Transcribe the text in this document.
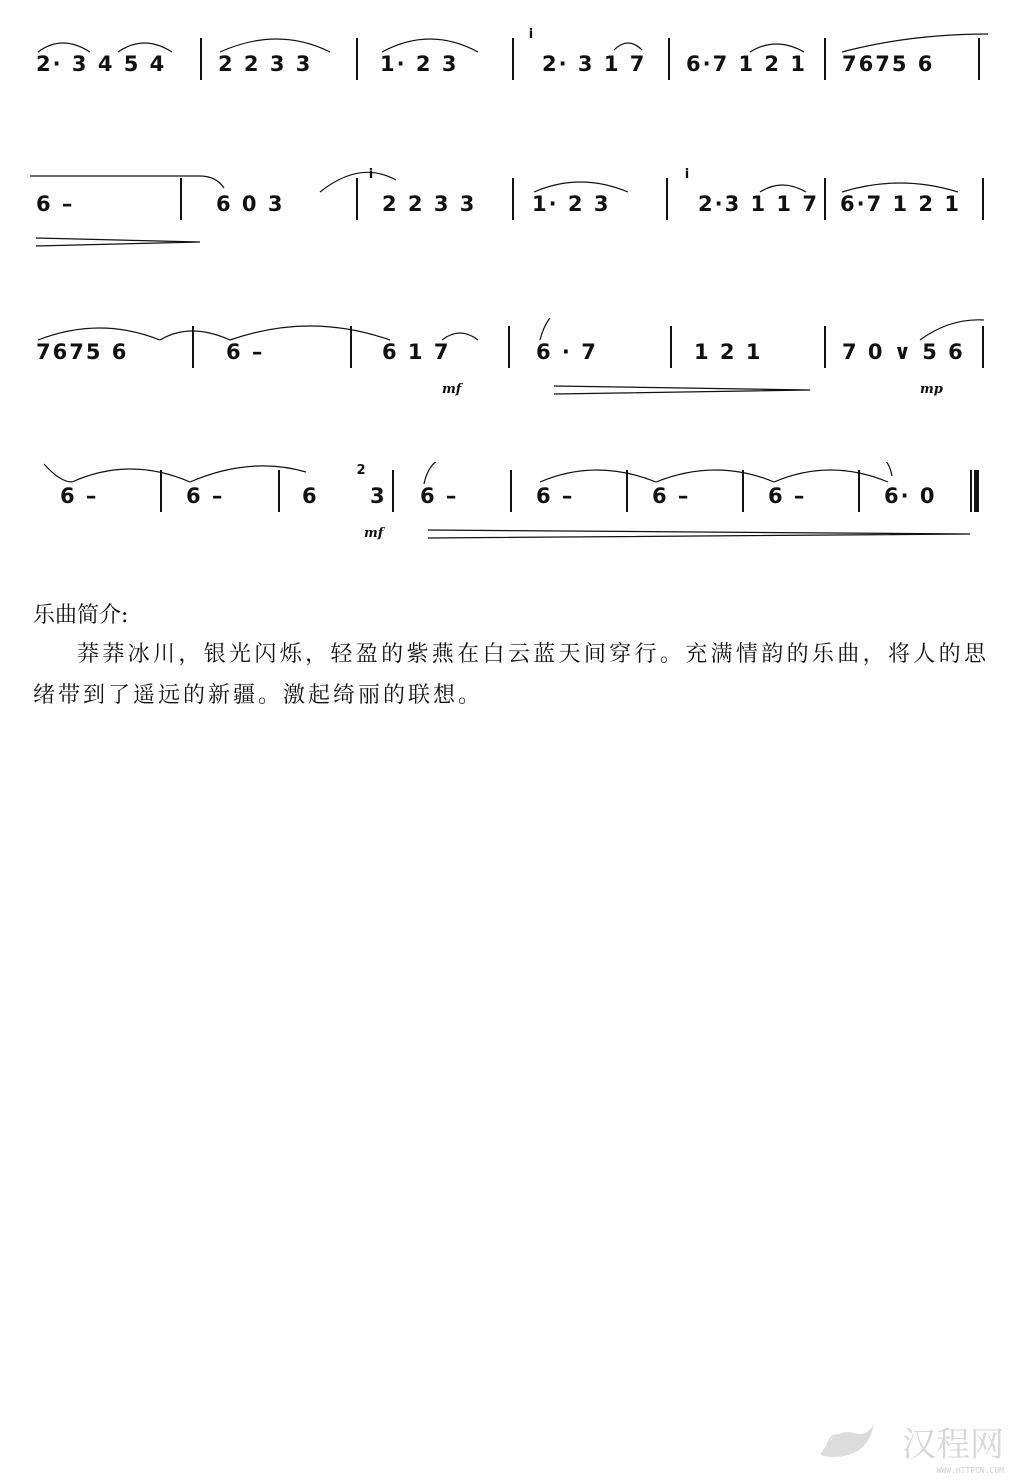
2· 3 4 5 4 2 2 3 3	1· 2 3
i
2· 3 1 7 6·7 1 2 1 7675 6
6 –	6 0 3
i
2 2 3 3	1· 2 3
i
2·3 1 1 7 6·7 1 2 1
7675 6	6 –	6 1 7
mf
6 · 7	1 2 1	7 0 ∨ 5 6
mp
6 –	6 –	6
2
3
mf
6 –	6 –	6 –	6 –	6· 0
乐曲简介:
莽莽冰川，银光闪烁，轻盈的紫燕在白云蓝天间穿行。充满情韵的乐曲，将人的思绪带到了遥远的新疆。激起绮丽的联想。
汉程网
WWW.HTTPCN.COM
